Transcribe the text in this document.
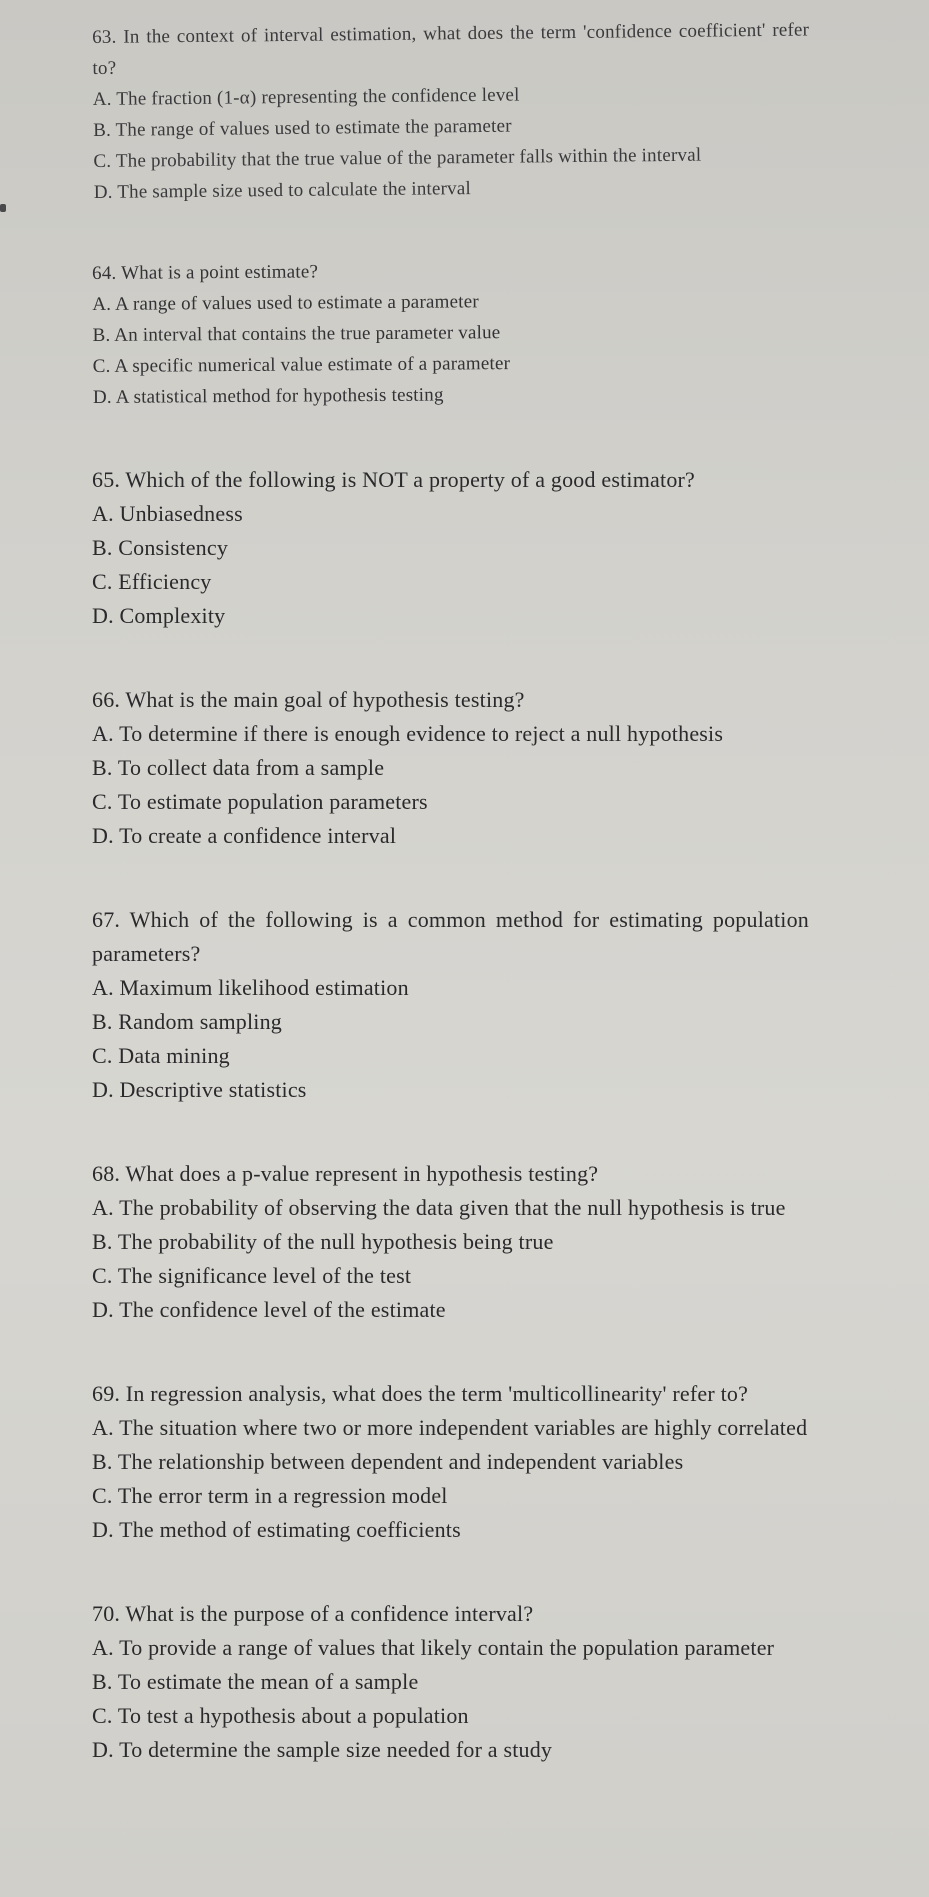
63. In the context of interval estimation, what does the term 'confidence coefficient' refer to?

A. The fraction (1-α) representing the confidence level

B. The range of values used to estimate the parameter

C. The probability that the true value of the parameter falls within the interval

D. The sample size used to calculate the interval

64. What is a point estimate?

A. A range of values used to estimate a parameter

B. An interval that contains the true parameter value

C. A specific numerical value estimate of a parameter

D. A statistical method for hypothesis testing

65. Which of the following is NOT a property of a good estimator?

A. Unbiasedness

B. Consistency

C. Efficiency

D. Complexity

66. What is the main goal of hypothesis testing?

A. To determine if there is enough evidence to reject a null hypothesis

B. To collect data from a sample

C. To estimate population parameters

D. To create a confidence interval

67. Which of the following is a common method for estimating population parameters?

A. Maximum likelihood estimation

B. Random sampling

C. Data mining

D. Descriptive statistics

68. What does a p-value represent in hypothesis testing?

A. The probability of observing the data given that the null hypothesis is true

B. The probability of the null hypothesis being true

C. The significance level of the test

D. The confidence level of the estimate

69. In regression analysis, what does the term 'multicollinearity' refer to?

A. The situation where two or more independent variables are highly correlated

B. The relationship between dependent and independent variables

C. The error term in a regression model

D. The method of estimating coefficients

70. What is the purpose of a confidence interval?

A. To provide a range of values that likely contain the population parameter

B. To estimate the mean of a sample

C. To test a hypothesis about a population

D. To determine the sample size needed for a study
